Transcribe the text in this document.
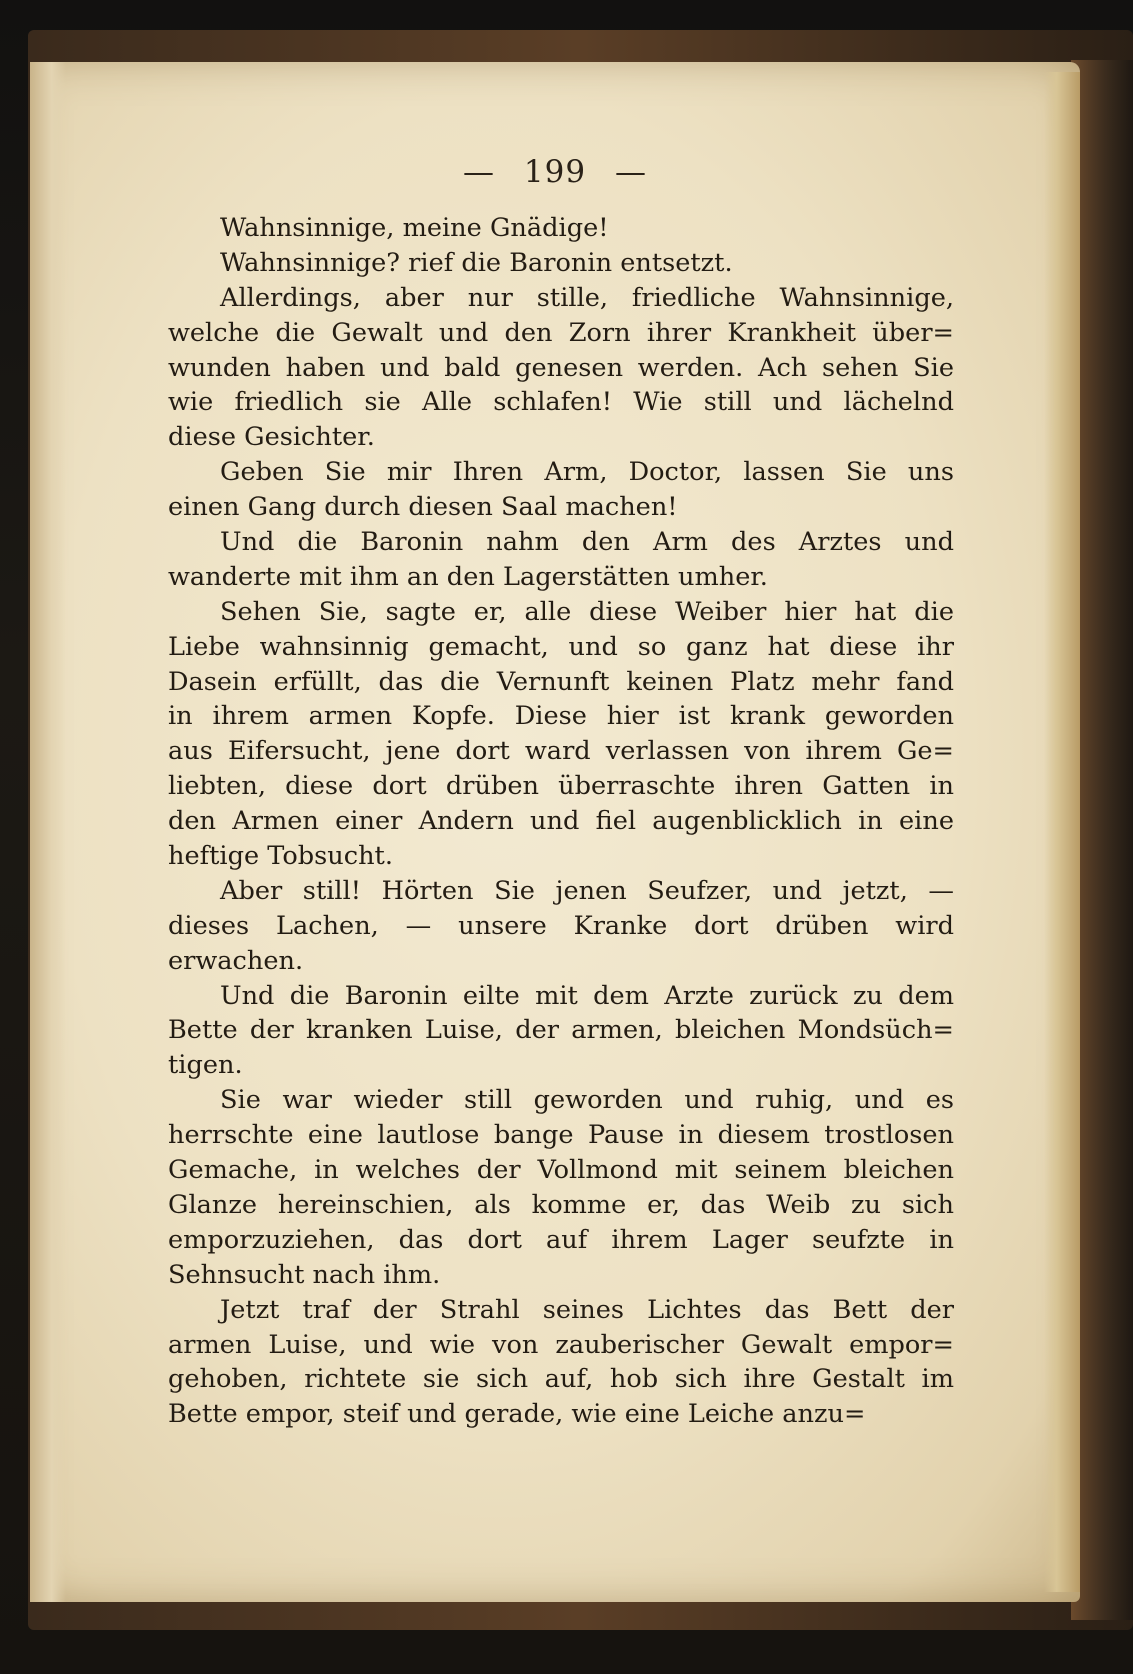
— 199 —
Wahnsinnige, meine Gnädige!
Wahnsinnige? rief die Baronin entsetzt.
Allerdings, aber nur stille, friedliche Wahnsinnige,
welche die Gewalt und den Zorn ihrer Krankheit über=
wunden haben und bald genesen werden. Ach sehen Sie
wie friedlich sie Alle schlafen! Wie still und lächelnd
diese Gesichter.
Geben Sie mir Ihren Arm, Doctor, lassen Sie uns
einen Gang durch diesen Saal machen!
Und die Baronin nahm den Arm des Arztes und
wanderte mit ihm an den Lagerstätten umher.
Sehen Sie, sagte er, alle diese Weiber hier hat die
Liebe wahnsinnig gemacht, und so ganz hat diese ihr
Dasein erfüllt, das die Vernunft keinen Platz mehr fand
in ihrem armen Kopfe. Diese hier ist krank geworden
aus Eifersucht, jene dort ward verlassen von ihrem Ge=
liebten, diese dort drüben überraschte ihren Gatten in
den Armen einer Andern und fiel augenblicklich in eine
heftige Tobsucht.
Aber still! Hörten Sie jenen Seufzer, und jetzt, —
dieses Lachen, — unsere Kranke dort drüben wird
erwachen.
Und die Baronin eilte mit dem Arzte zurück zu dem
Bette der kranken Luise, der armen, bleichen Mondsüch=
tigen.
Sie war wieder still geworden und ruhig, und es
herrschte eine lautlose bange Pause in diesem trostlosen
Gemache, in welches der Vollmond mit seinem bleichen
Glanze hereinschien, als komme er, das Weib zu sich
emporzuziehen, das dort auf ihrem Lager seufzte in
Sehnsucht nach ihm.
Jetzt traf der Strahl seines Lichtes das Bett der
armen Luise, und wie von zauberischer Gewalt empor=
gehoben, richtete sie sich auf, hob sich ihre Gestalt im
Bette empor, steif und gerade, wie eine Leiche anzu=
